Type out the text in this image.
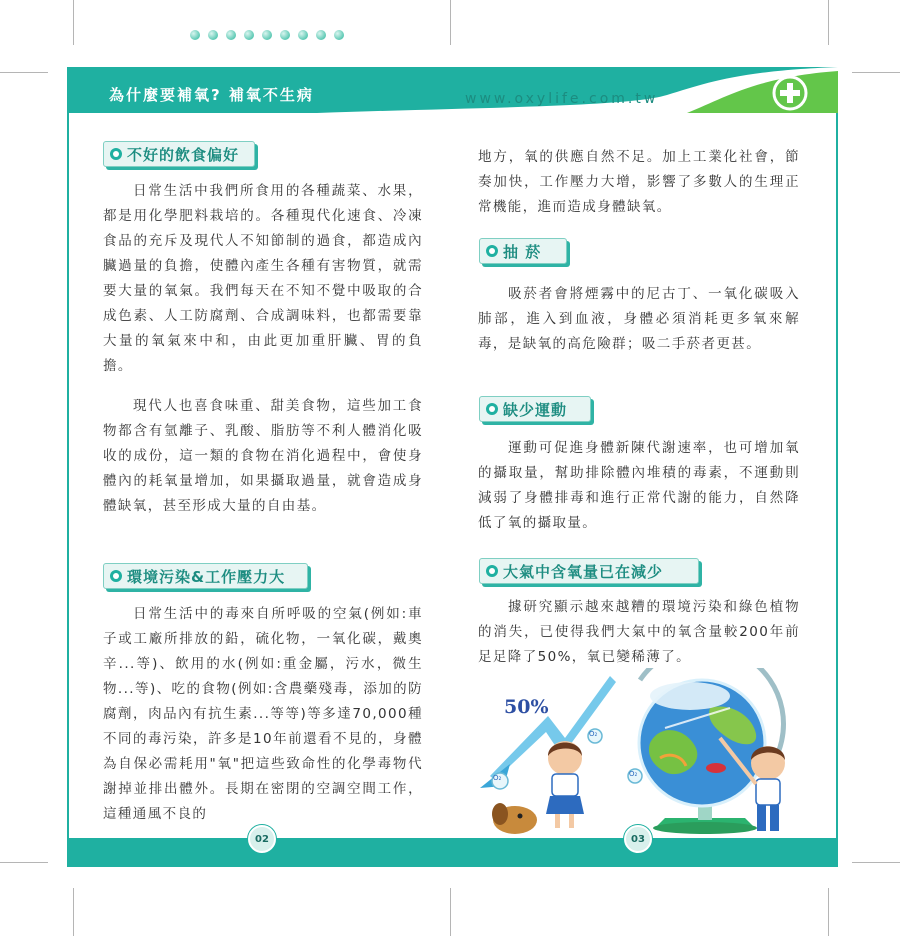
為什麼要補氧? 補氧不生病	www.oxylife.com.tw
不好的飲食偏好
日常生活中我們所食用的各種蔬菜、水果，都是用化學肥料栽培的。各種現代化速食、冷凍食品的充斥及現代人不知節制的過食，都造成內臟過量的負擔，使體內產生各種有害物質，就需要大量的氧氣。我們每天在不知不覺中吸取的合成色素、人工防腐劑、合成調味料，也都需要靠大量的氧氣來中和，由此更加重肝臟、胃的負擔。
現代人也喜食味重、甜美食物，這些加工食物都含有氫離子、乳酸、脂肪等不利人體消化吸收的成份，這一類的食物在消化過程中，會使身體內的耗氧量增加，如果攝取過量，就會造成身體缺氧，甚至形成大量的自由基。
環境污染&工作壓力大
日常生活中的毒來自所呼吸的空氣(例如:車子或工廠所排放的鉛，硫化物，一氧化碳，戴奧辛...等)、飲用的水(例如:重金屬，污水，微生物...等)、吃的食物(例如:含農藥殘毒，添加的防腐劑，肉品內有抗生素...等等)等多達70,000種不同的毒污染，許多是10年前還看不見的，身體為自保必需耗用"氧"把這些致命性的化學毒物代謝掉並排出體外。長期在密閉的空調空間工作，這種通風不良的
地方，氧的供應自然不足。加上工業化社會，節奏加快，工作壓力大增，影響了多數人的生理正常機能，進而造成身體缺氧。
抽 菸
吸菸者會將煙霧中的尼古丁、一氧化碳吸入肺部，進入到血液，身體必須消耗更多氧來解毒，是缺氧的高危險群；吸二手菸者更甚。
缺少運動
運動可促進身體新陳代謝速率，也可增加氧的攝取量，幫助排除體內堆積的毒素，不運動則減弱了身體排毒和進行正常代謝的能力，自然降低了氧的攝取量。
大氣中含氧量已在減少
據研究顯示越來越糟的環境污染和綠色植物的消失，已使得我們大氣中的氧含量較200年前足足降了50%，氧已變稀薄了。
50%
O₂
O₂
O₂
02	03
